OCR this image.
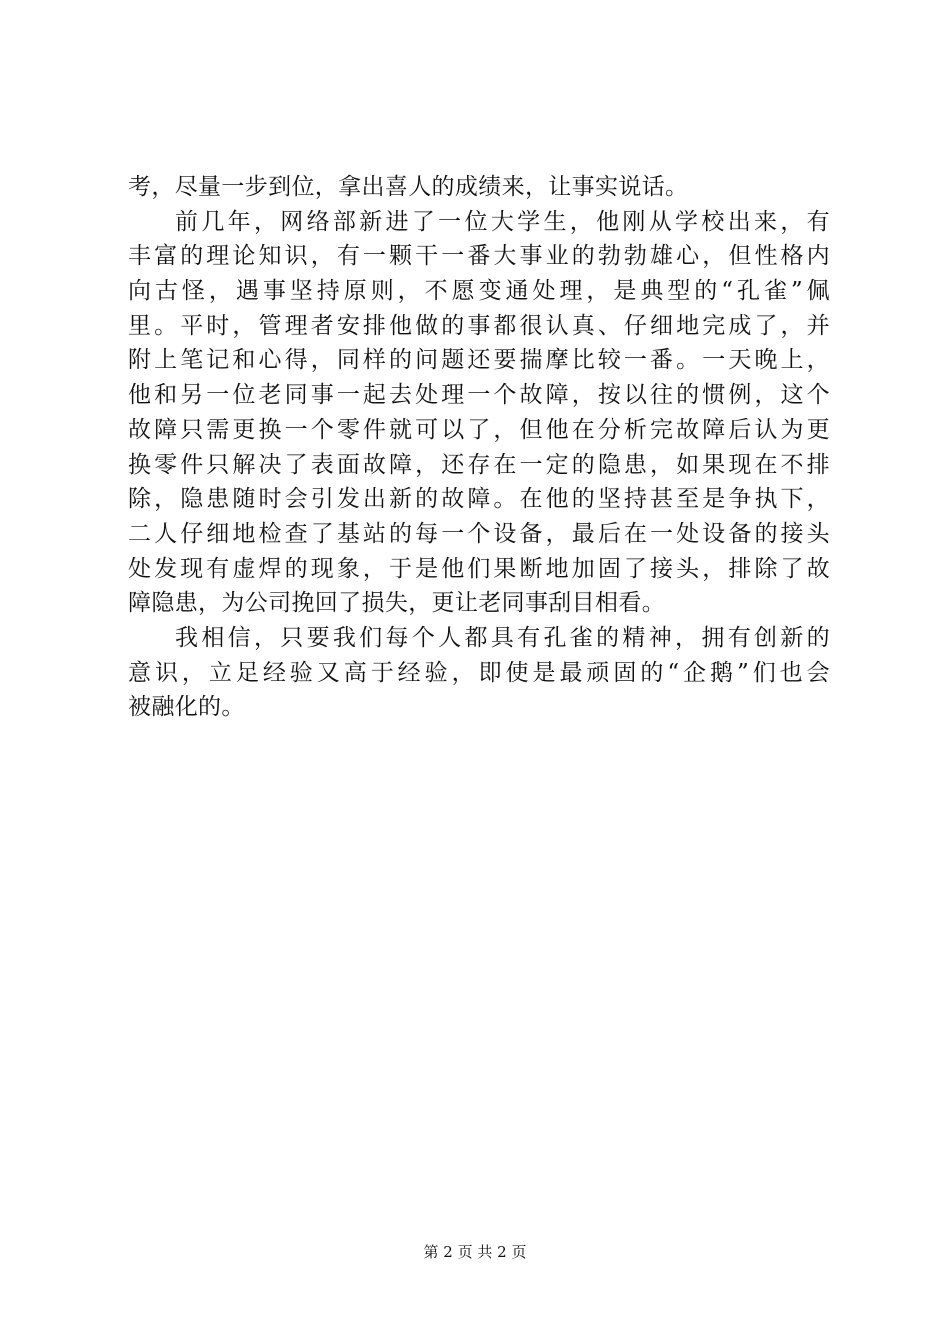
考，尽量一步到位，拿出喜人的成绩来，让事实说话。
前几年，网络部新进了一位大学生，他刚从学校出来，有
丰富的理论知识，有一颗干一番大事业的勃勃雄心，但性格内
向古怪，遇事坚持原则，不愿变通处理，是典型的“孔雀”佩
里。平时，管理者安排他做的事都很认真、仔细地完成了，并
附上笔记和心得，同样的问题还要揣摩比较一番。一天晚上，
他和另一位老同事一起去处理一个故障，按以往的惯例，这个
故障只需更换一个零件就可以了，但他在分析完故障后认为更
换零件只解决了表面故障，还存在一定的隐患，如果现在不排
除，隐患随时会引发出新的故障。在他的坚持甚至是争执下，
二人仔细地检查了基站的每一个设备，最后在一处设备的接头
处发现有虚焊的现象，于是他们果断地加固了接头，排除了故
障隐患，为公司挽回了损失，更让老同事刮目相看。
我相信，只要我们每个人都具有孔雀的精神，拥有创新的
意识，立足经验又高于经验，即使是最顽固的“企鹅”们也会
被融化的。
第 2 页 共 2 页
